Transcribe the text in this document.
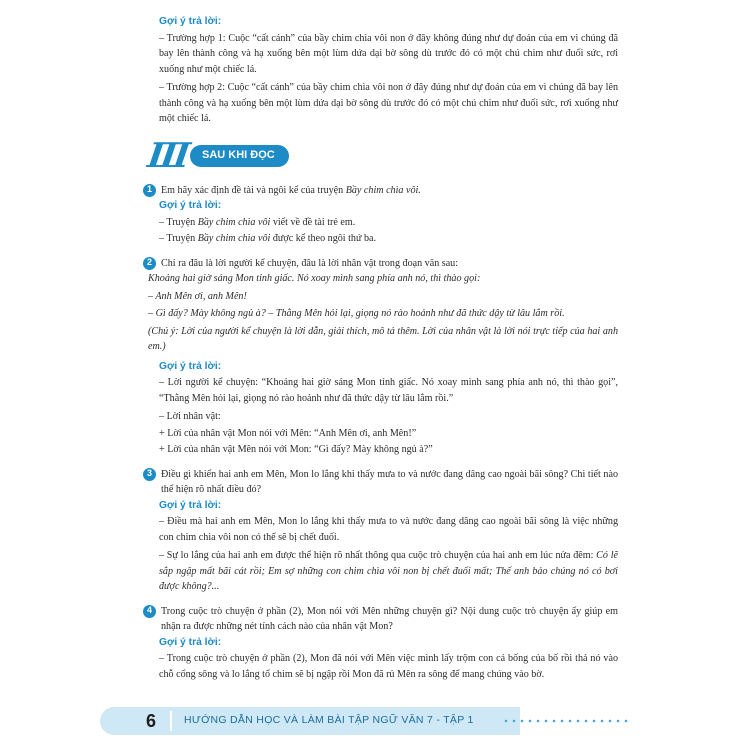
Gợi ý trả lời:
– Trường hợp 1: Cuộc “cất cánh” của bầy chim chìa vôi non ở đây không đúng như dự đoán của em vì chúng đã bay lên thành công và hạ xuống bên một lùm dứa dại bờ sông dù trước đó có một chú chim như đuối sức, rơi xuống như một chiếc lá.
– Trường hợp 2: Cuộc “cất cánh” của bầy chim chìa vôi non ở đây đúng như dự đoán của em vì chúng đã bay lên thành công và hạ xuống bên một lùm dứa dại bờ sông dù trước đó có một chú chim như đuối sức, rơi xuống như một chiếc lá.
III	SAU KHI ĐỌC
1 Em hãy xác định đề tài và ngôi kể của truyện Bầy chim chìa vôi.
Gợi ý trả lời:
– Truyện Bầy chim chìa vôi viết về đề tài trẻ em.
– Truyện Bầy chim chìa vôi được kể theo ngôi thứ ba.
2 Chỉ ra đâu là lời người kể chuyện, đâu là lời nhân vật trong đoạn văn sau:
Khoảng hai giờ sáng Mon tỉnh giấc. Nó xoay mình sang phía anh nó, thì thào gọi:
– Anh Mên ơi, anh Mên!
– Gì đấy? Mày không ngủ à? – Thằng Mên hỏi lại, giọng nó rào hoảnh như đã thức dậy từ lâu lắm rồi.
(Chú ý: Lời của người kể chuyện là lời dẫn, giải thích, mô tả thêm. Lời của nhân vật là lời nói trực tiếp của hai anh em.)
Gợi ý trả lời:
– Lời người kể chuyện: “Khoảng hai giờ sáng Mon tỉnh giấc. Nó xoay mình sang phía anh nó, thì thào gọi”, “Thằng Mên hỏi lại, giọng nó rào hoảnh như đã thức dậy từ lâu lắm rồi.”
– Lời nhân vật:
+ Lời của nhân vật Mon nói với Mên: “Anh Mên ơi, anh Mên!”
+ Lời của nhân vật Mên nói với Mon: “Gì đấy? Mày không ngủ à?”
3 Điều gì khiến hai anh em Mên, Mon lo lắng khi thấy mưa to và nước đang dâng cao ngoài bãi sông? Chi tiết nào thể hiện rõ nhất điều đó?
Gợi ý trả lời:
– Điều mà hai anh em Mên, Mon lo lắng khi thấy mưa to và nước đang dâng cao ngoài bãi sông là việc những con chim chìa vôi non có thể sẽ bị chết đuối.
– Sự lo lắng của hai anh em được thể hiện rõ nhất thông qua cuộc trò chuyện của hai anh em lúc nửa đêm: Có lẽ sắp ngập mất bãi cát rồi; Em sợ những con chim chìa vôi non bị chết đuối mất; Thế anh bảo chúng nó có bơi được không?...
4 Trong cuộc trò chuyện ở phần (2), Mon nói với Mên những chuyện gì? Nội dung cuộc trò chuyện ấy giúp em nhận ra được những nét tính cách nào của nhân vật Mon?
Gợi ý trả lời:
– Trong cuộc trò chuyện ở phần (2), Mon đã nói với Mên việc mình lấy trộm con cá bống của bố rồi thả nó vào chỗ cống sông và lo lắng tổ chim sẽ bị ngập rồi Mon đã rủ Mên ra sông để mang chúng vào bờ.
6	HƯỚNG DẪN HỌC VÀ LÀM BÀI TẬP NGỮ VĂN 7 - TẬP 1
